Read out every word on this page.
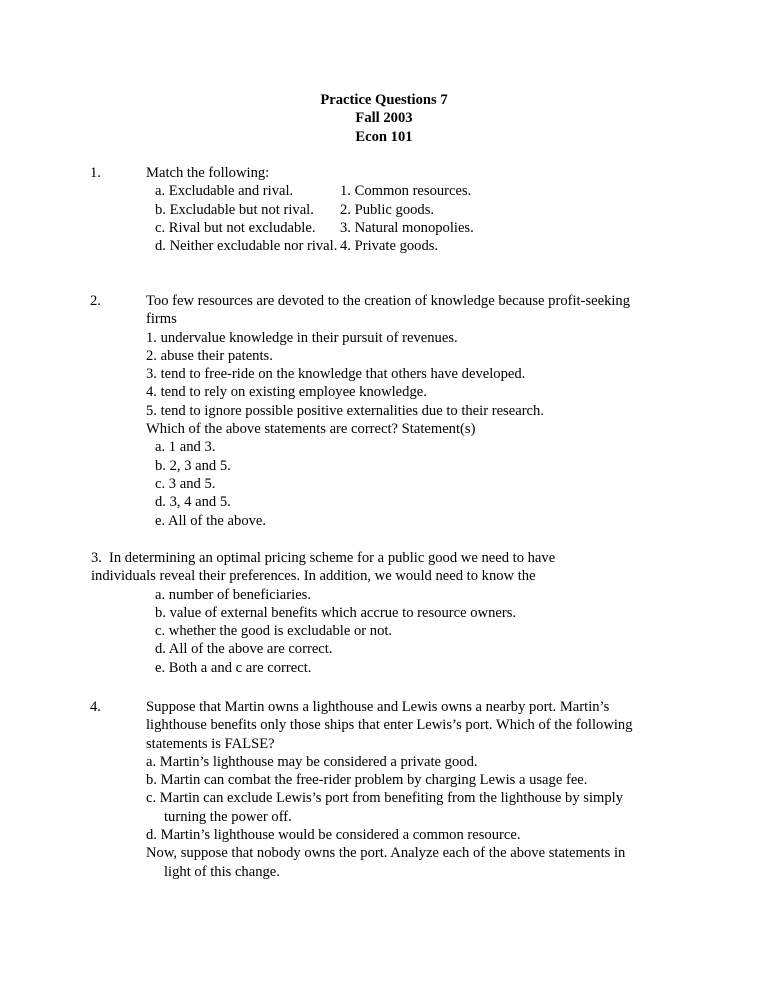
Practice Questions 7
Fall 2003
Econ 101
1.	Match the following:
a. Excludable and rival.	1. Common resources.
b. Excludable but not rival.	2. Public goods.
c. Rival but not excludable.	3. Natural monopolies.
d. Neither excludable nor rival. 4. Private goods.
2.	Too few resources are devoted to the creation of knowledge because profit-seeking
firms
1. undervalue knowledge in their pursuit of revenues.
2. abuse their patents.
3. tend to free-ride on the knowledge that others have developed.
4. tend to rely on existing employee knowledge.
5. tend to ignore possible positive externalities due to their research.
Which of the above statements are correct? Statement(s)
a. 1 and 3.
b. 2, 3 and 5.
c. 3 and 5.
d. 3, 4 and 5.
e. All of the above.
3. In determining an optimal pricing scheme for a public good we need to have
individuals reveal their preferences. In addition, we would need to know the
a. number of beneficiaries.
b. value of external benefits which accrue to resource owners.
c. whether the good is excludable or not.
d. All of the above are correct.
e. Both a and c are correct.
4.	Suppose that Martin owns a lighthouse and Lewis owns a nearby port. Martin’s
lighthouse benefits only those ships that enter Lewis’s port. Which of the following
statements is FALSE?
a. Martin’s lighthouse may be considered a private good.
b. Martin can combat the free-rider problem by charging Lewis a usage fee.
c. Martin can exclude Lewis’s port from benefiting from the lighthouse by simply
turning the power off.
d. Martin’s lighthouse would be considered a common resource.
Now, suppose that nobody owns the port. Analyze each of the above statements in
light of this change.
